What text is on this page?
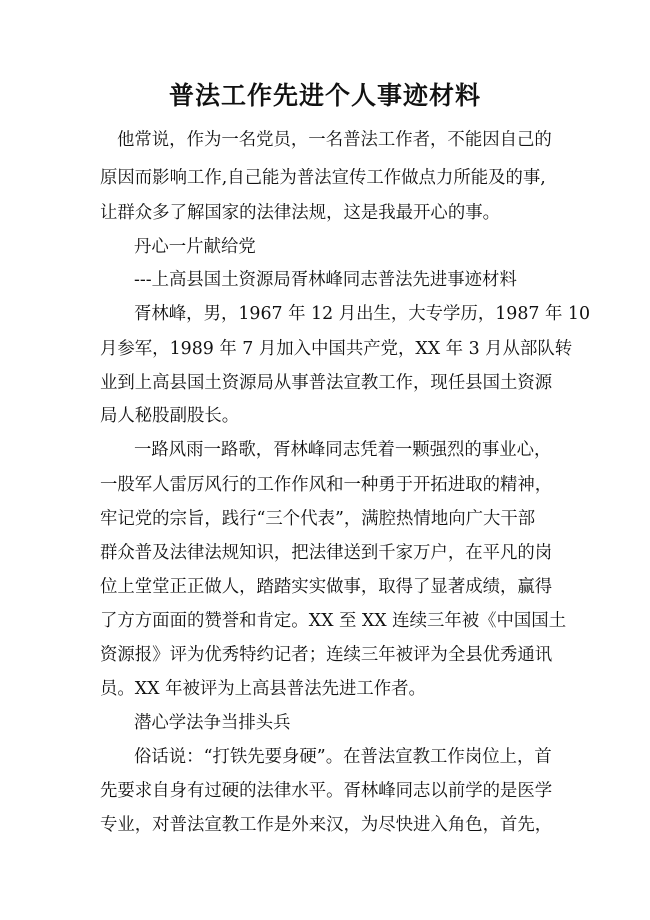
普法工作先进个人事迹材料

他常说，作为一名党员，一名普法工作者，不能因自己的

原因而影响工作,自己能为普法宣传工作做点力所能及的事,

让群众多了解国家的法律法规，这是我最开心的事。

丹心一片献给党

---上高县国土资源局胥林峰同志普法先进事迹材料

胥林峰，男，1967 年 12 月出生，大专学历，1987 年 10

月参军，1989 年 7 月加入中国共产党，XX 年 3 月从部队转

业到上高县国土资源局从事普法宣教工作，现任县国土资源

局人秘股副股长。

一路风雨一路歌，胥林峰同志凭着一颗强烈的事业心，

一股军人雷厉风行的工作作风和一种勇于开拓进取的精神，

牢记党的宗旨，践行“三个代表”，满腔热情地向广大干部

群众普及法律法规知识，把法律送到千家万户，在平凡的岗

位上堂堂正正做人，踏踏实实做事，取得了显著成绩，赢得

了方方面面的赞誉和肯定。XX 至 XX 连续三年被《中国国土

资源报》评为优秀特约记者；连续三年被评为全县优秀通讯

员。XX 年被评为上高县普法先进工作者。

潜心学法争当排头兵

俗话说：“打铁先要身硬”。在普法宣教工作岗位上，首

先要求自身有过硬的法律水平。胥林峰同志以前学的是医学

专业，对普法宣教工作是外来汉，为尽快进入角色，首先，
